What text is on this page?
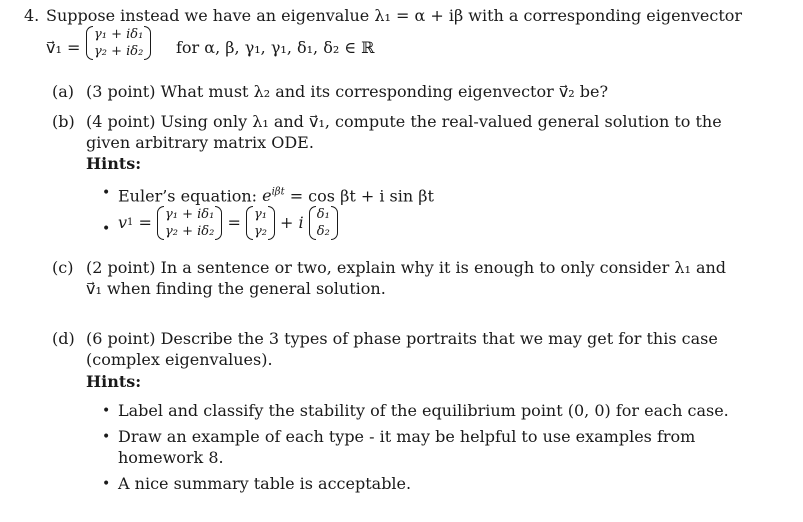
4. Suppose instead we have an eigenvalue λ₁ = α + iβ with a corresponding eigenvector
v⃗₁ =
γ₁ + iδ₁
γ₂ + iδ₂ for α, β, γ₁, γ₁, δ₁, δ₂ ∈ ℝ
(a) (3 point) What must λ₂ and its corresponding eigenvector v⃗₂ be?
(b) (4 point) Using only λ₁ and v⃗₁, compute the real-valued general solution to the
given arbitrary matrix ODE.
Hints:
• Euler’s equation: $e^{i\beta t} = \cos \beta t + i$ sin βt
• v1 = γ₁ + iδ₁
γ₂ + iδ₂ = γ₁
γ₂ + i δ₁
δ₂
(c) (2 point) In a sentence or two, explain why it is enough to only consider λ₁ and
v⃗₁ when finding the general solution.
(d) (6 point) Describe the 3 types of phase portraits that we may get for this case
(complex eigenvalues).
Hints:
• Label and classify the stability of the equilibrium point (0, 0) for each case.
• Draw an example of each type - it may be helpful to use examples from
homework 8.
• A nice summary table is acceptable.
